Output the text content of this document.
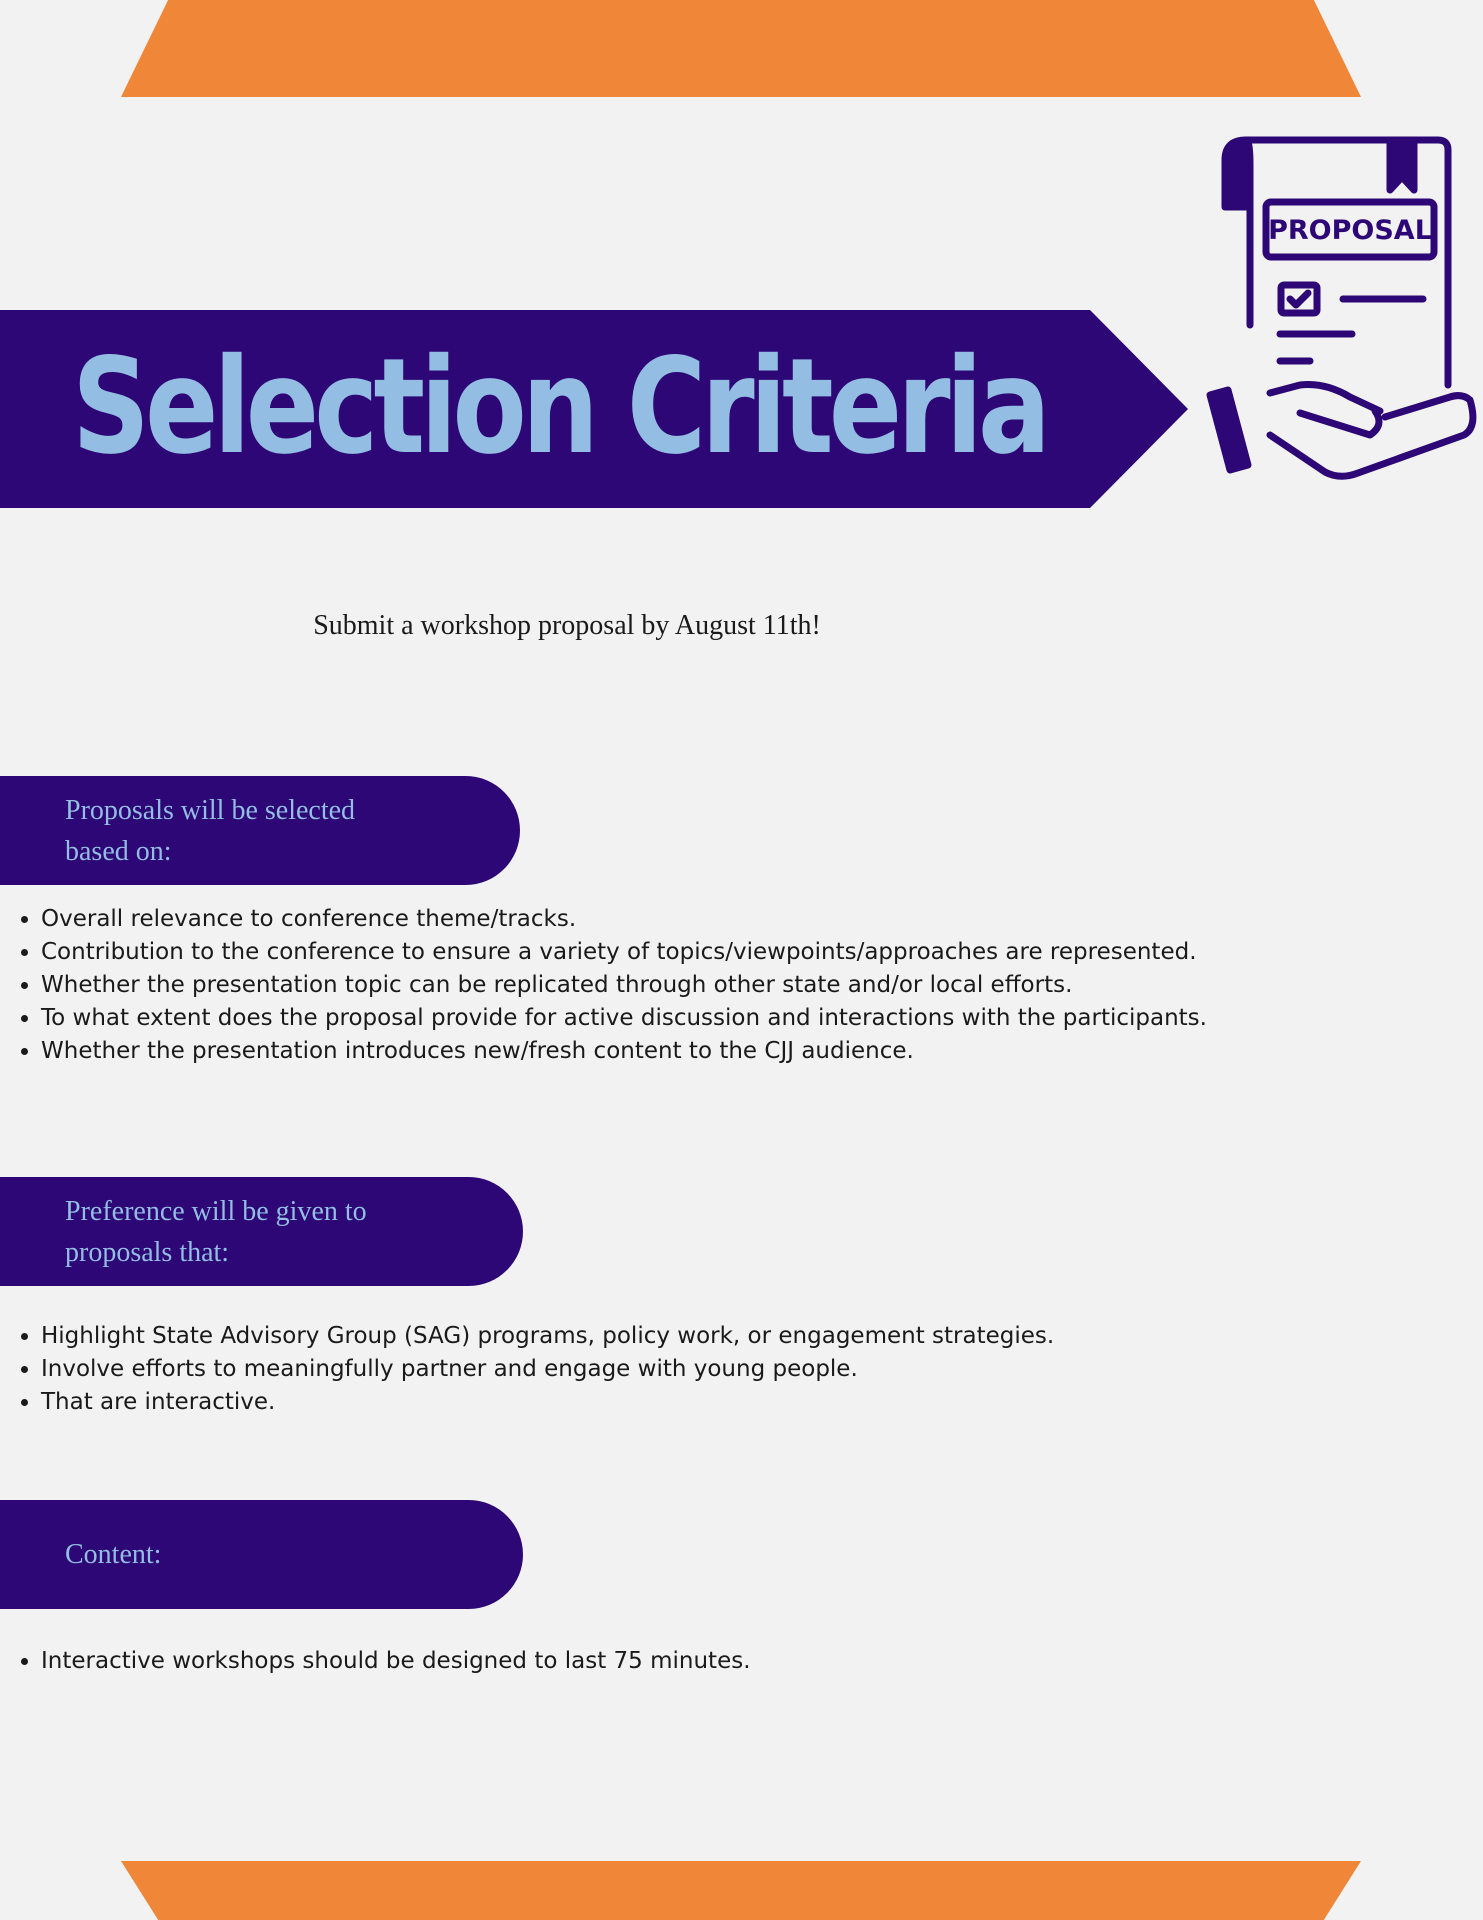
PROPOSAL
Selection Criteria

Submit a workshop proposal by August 11th!

Proposals will be selected
based on:
• Overall relevance to conference theme/tracks.
• Contribution to the conference to ensure a variety of topics/viewpoints/approaches are represented.
• Whether the presentation topic can be replicated through other state and/or local efforts.
• To what extent does the proposal provide for active discussion and interactions with the participants.
• Whether the presentation introduces new/fresh content to the CJJ audience.
Preference will be given to
proposals that:
• Highlight State Advisory Group (SAG) programs, policy work, or engagement strategies.
• Involve efforts to meaningfully partner and engage with young people.
• That are interactive.
Content:
• Interactive workshops should be designed to last 75 minutes.
